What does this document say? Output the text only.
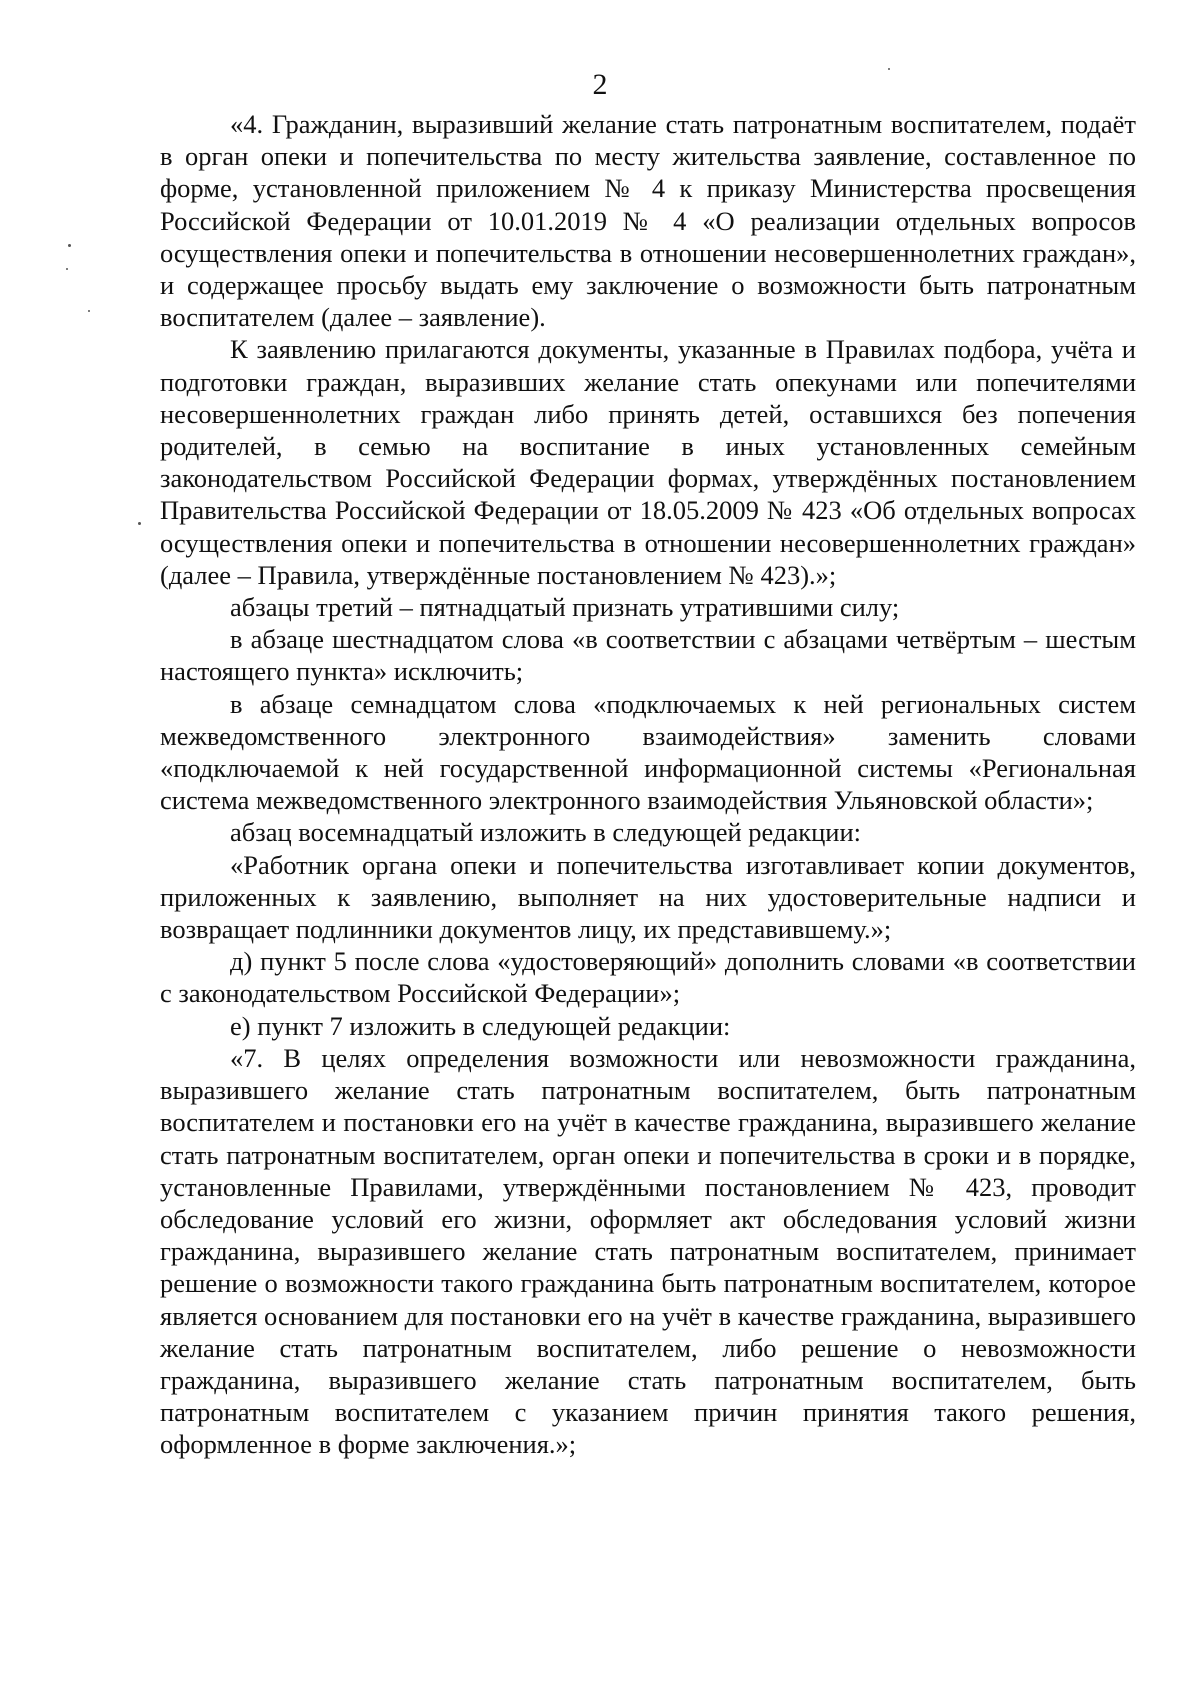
2

«4. Гражданин, выразивший желание стать патронатным воспитателем, подаёт в орган опеки и попечительства по месту жительства заявление, составленное по форме, установленной приложением № 4 к приказу Министерства просвещения Российской Федерации от 10.01.2019 № 4 «О реализации отдельных вопросов осуществления опеки и попечительства в отношении несовершеннолетних граждан», и содержащее просьбу выдать ему заключение о возможности быть патронатным воспитателем (далее – заявление).

К заявлению прилагаются документы, указанные в Правилах подбора, учёта и подготовки граждан, выразивших желание стать опекунами или попечителями несовершеннолетних граждан либо принять детей, оставшихся без попечения родителей, в семью на воспитание в иных установленных семейным законодательством Российской Федерации формах, утверждённых постановлением Правительства Российской Федерации от 18.05.2009 № 423 «Об отдельных вопросах осуществления опеки и попечительства в отношении несовершеннолетних граждан» (далее – Правила, утверждённые постановлением № 423).»;

абзацы третий – пятнадцатый признать утратившими силу;

в абзаце шестнадцатом слова «в соответствии с абзацами четвёртым – шестым настоящего пункта» исключить;

в абзаце семнадцатом слова «подключаемых к ней региональных систем межведомственного электронного взаимодействия» заменить словами «подключаемой к ней государственной информационной системы «Региональная система межведомственного электронного взаимодействия Ульяновской области»;

абзац восемнадцатый изложить в следующей редакции:

«Работник органа опеки и попечительства изготавливает копии документов, приложенных к заявлению, выполняет на них удостоверительные надписи и возвращает подлинники документов лицу, их представившему.»;

д) пункт 5 после слова «удостоверяющий» дополнить словами «в соответствии с законодательством Российской Федерации»;

е) пункт 7 изложить в следующей редакции:

«7. В целях определения возможности или невозможности гражданина, выразившего желание стать патронатным воспитателем, быть патронатным воспитателем и постановки его на учёт в качестве гражданина, выразившего желание стать патронатным воспитателем, орган опеки и попечительства в сроки и в порядке, установленные Правилами, утверждёнными постановлением № 423, проводит обследование условий его жизни, оформляет акт обследования условий жизни гражданина, выразившего желание стать патронатным воспитателем, принимает решение о возможности такого гражданина быть патронатным воспитателем, которое является основанием для постановки его на учёт в качестве гражданина, выразившего желание стать патронатным воспитателем, либо решение о невозможности гражданина, выразившего желание стать патронатным воспитателем, быть патронатным воспитателем с указанием причин принятия такого решения, оформленное в форме заключения.»;
